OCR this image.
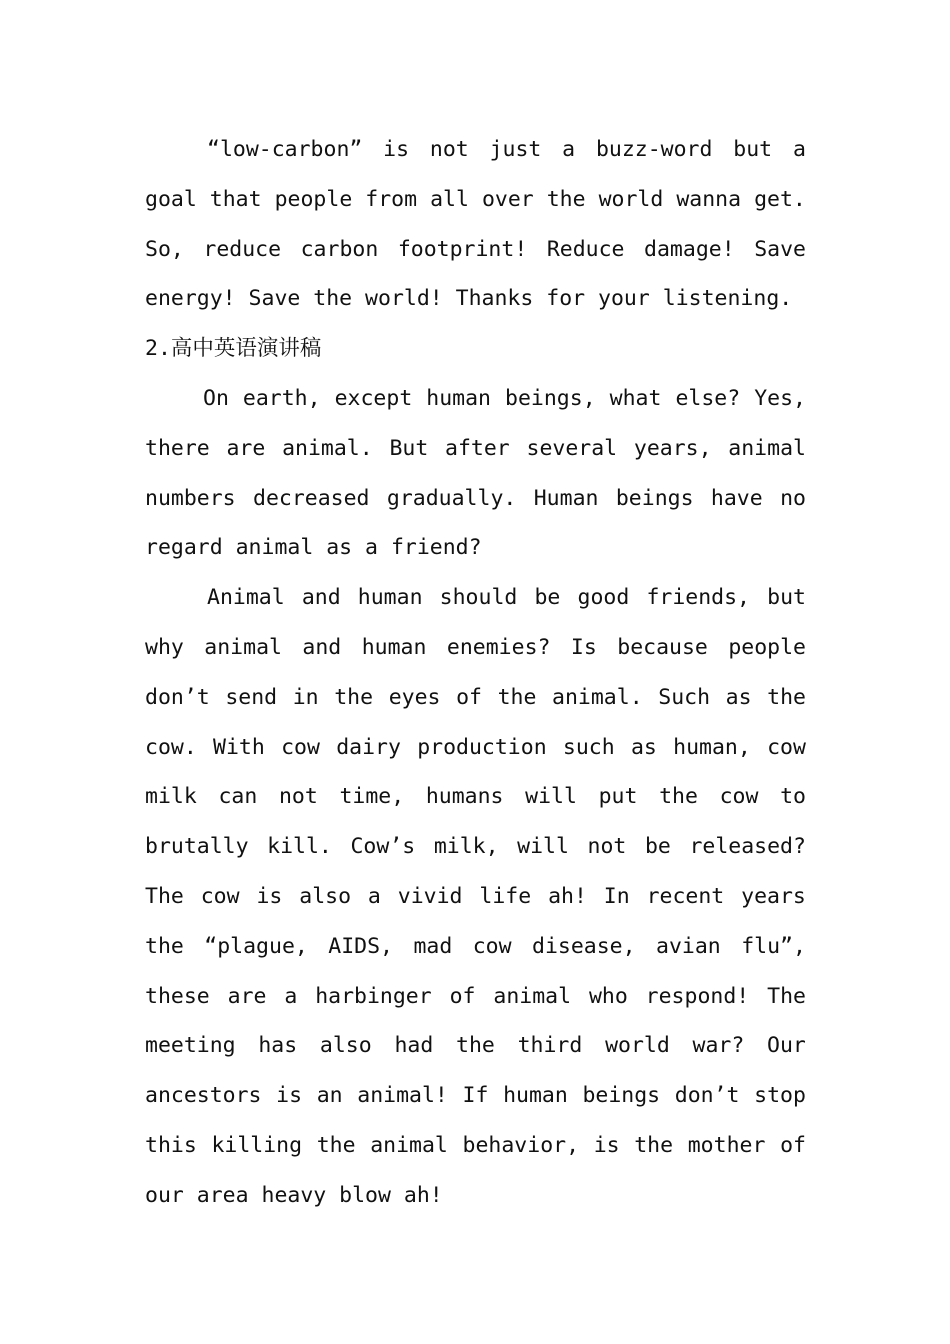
“low-carbon” is not just a buzz-word but a
goal that people from all over the world wanna get.
So, reduce carbon footprint! Reduce damage! Save
energy! Save the world! Thanks for your listening.
2.高中英语演讲稿
On earth, except human beings, what else? Yes,
there are animal. But after several years, animal
numbers decreased gradually. Human beings have no
regard animal as a friend?
Animal and human should be good friends, but
why animal and human enemies? Is because people
don’t send in the eyes of the animal. Such as the
cow. With cow dairy production such as human, cow
milk can not time, humans will put the cow to
brutally kill. Cow’s milk, will not be released?
The cow is also a vivid life ah! In recent years
the “plague, AIDS, mad cow disease, avian flu”,
these are a harbinger of animal who respond! The
meeting has also had the third world war? Our
ancestors is an animal! If human beings don’t stop
this killing the animal behavior, is the mother of
our area heavy blow ah!
